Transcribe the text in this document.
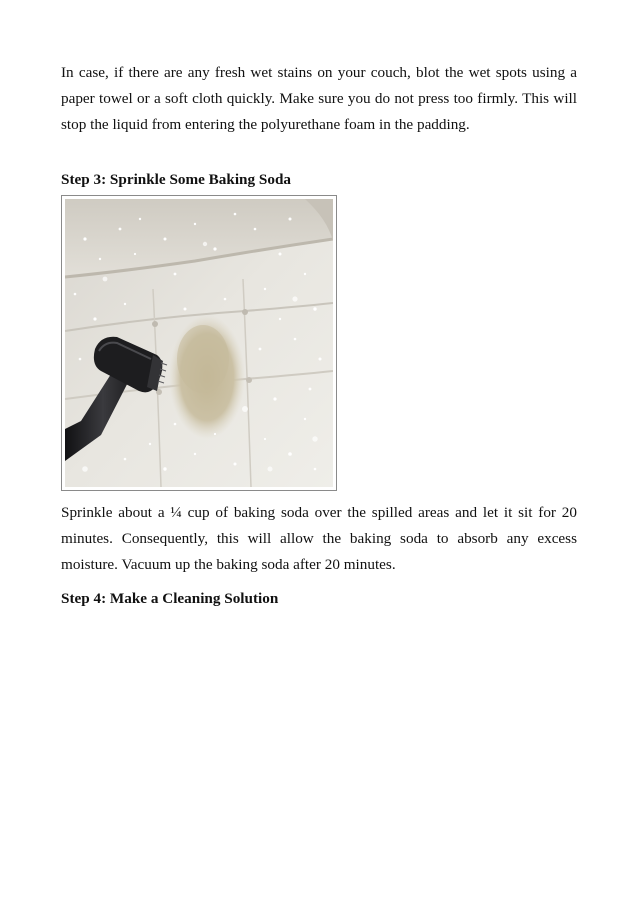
In case, if there are any fresh wet stains on your couch, blot the wet spots using a paper towel or a soft cloth quickly. Make sure you do not press too firmly. This will stop the liquid from entering the polyurethane foam in the padding.

Step 3: Sprinkle Some Baking Soda

Sprinkle about a ¼ cup of baking soda over the spilled areas and let it sit for 20 minutes. Consequently, this will allow the baking soda to absorb any excess moisture. Vacuum up the baking soda after 20 minutes.

Step 4: Make a Cleaning Solution
